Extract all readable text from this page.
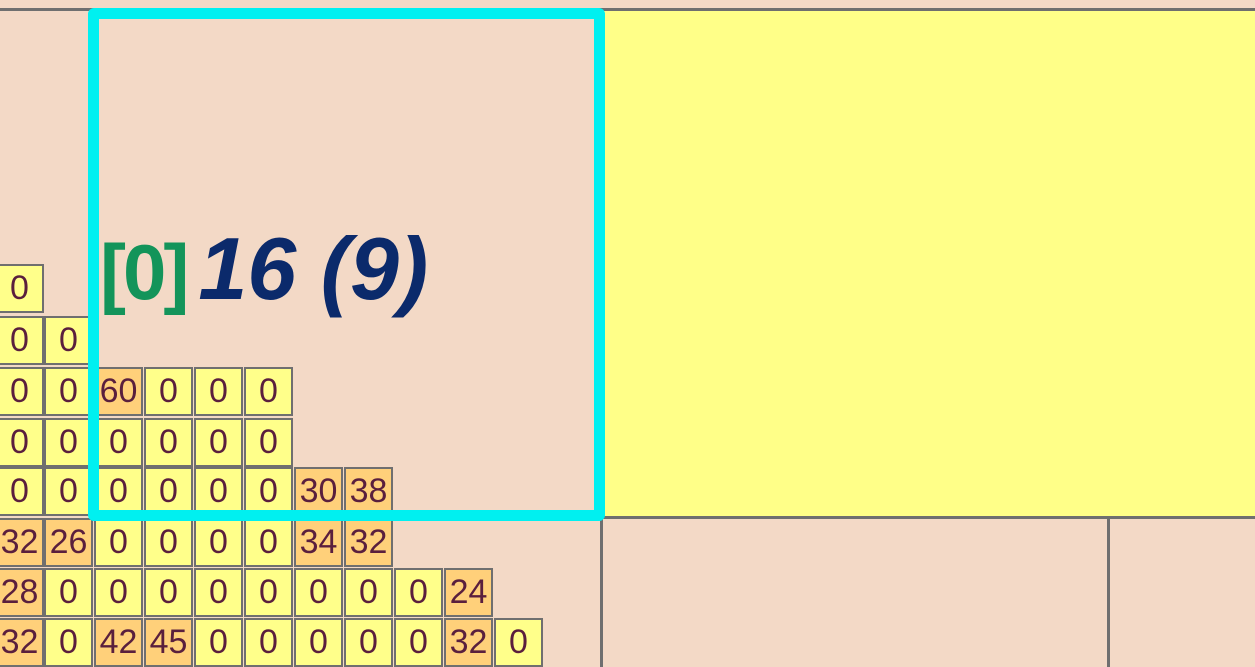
0
0 0
0 0 60 0 0 0
0 0 0 0 0 0
0 0 0 0 0 0 30 38
32 26 0 0 0 0 34 32
28 0 0 0 0 0 0 0 0 24
32 0 42 45 0 0 0 0 0 32 0
[0] 16 (9)
